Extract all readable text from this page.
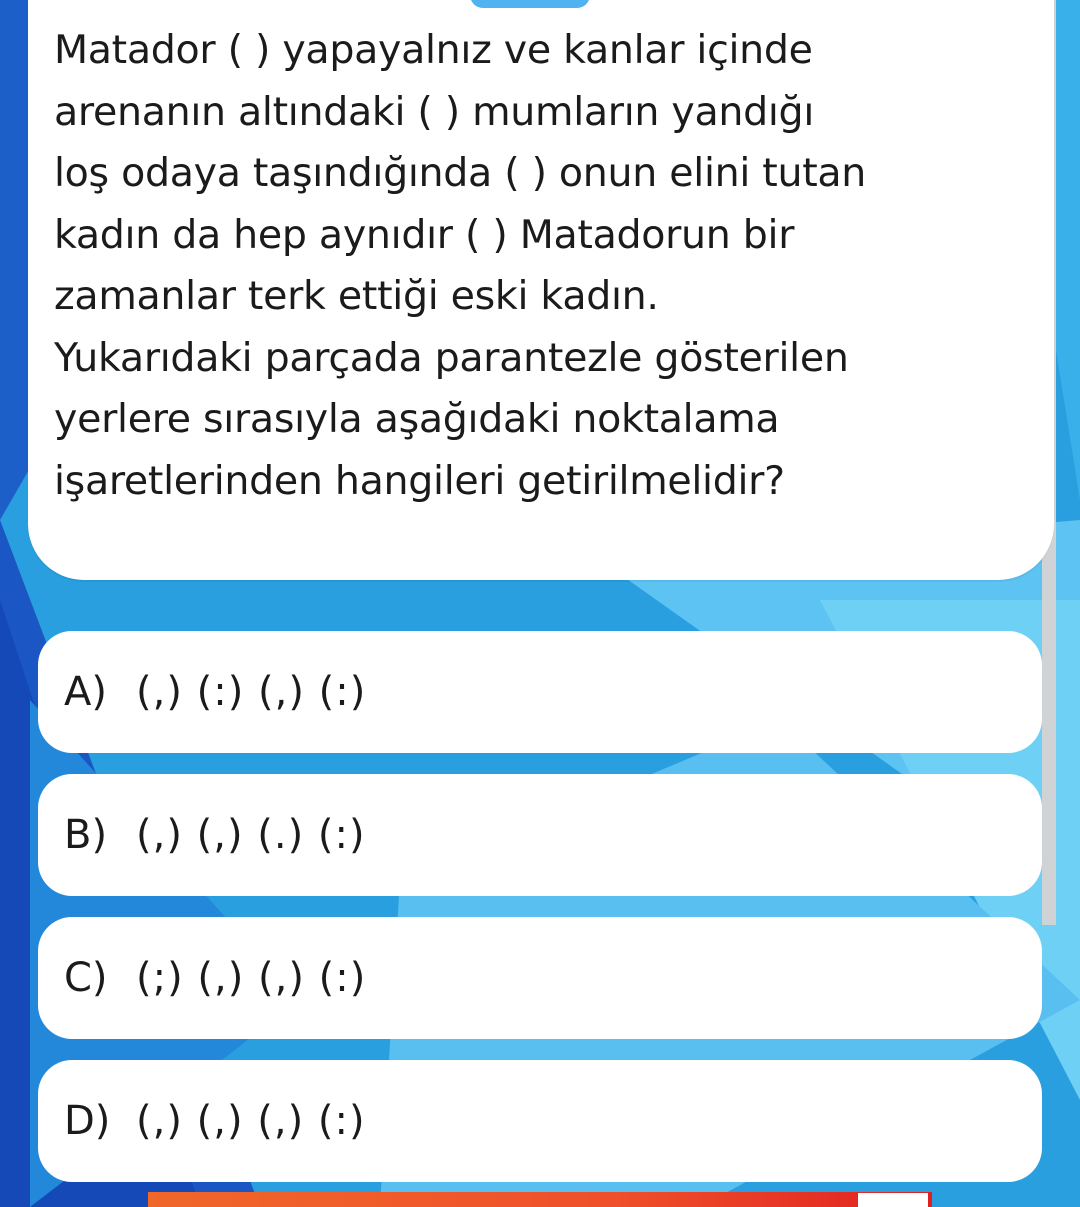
Matador ( ) yapayalnız ve kanlar içinde

arenanın altındaki ( ) mumların yandığı

loş odaya taşındığında ( ) onun elini tutan

kadın da hep aynıdır ( ) Matadorun bir

zamanlar terk ettiği eski kadın.

Yukarıdaki parçada parantezle gösterilen

yerlere sırasıyla aşağıdaki noktalama

işaretlerinden hangileri getirilmelidir?

A) (,) (:) (,) (:)
B) (,) (,) (.) (:)
C) (;) (,) (,) (:)
D) (,) (,) (,) (:)
